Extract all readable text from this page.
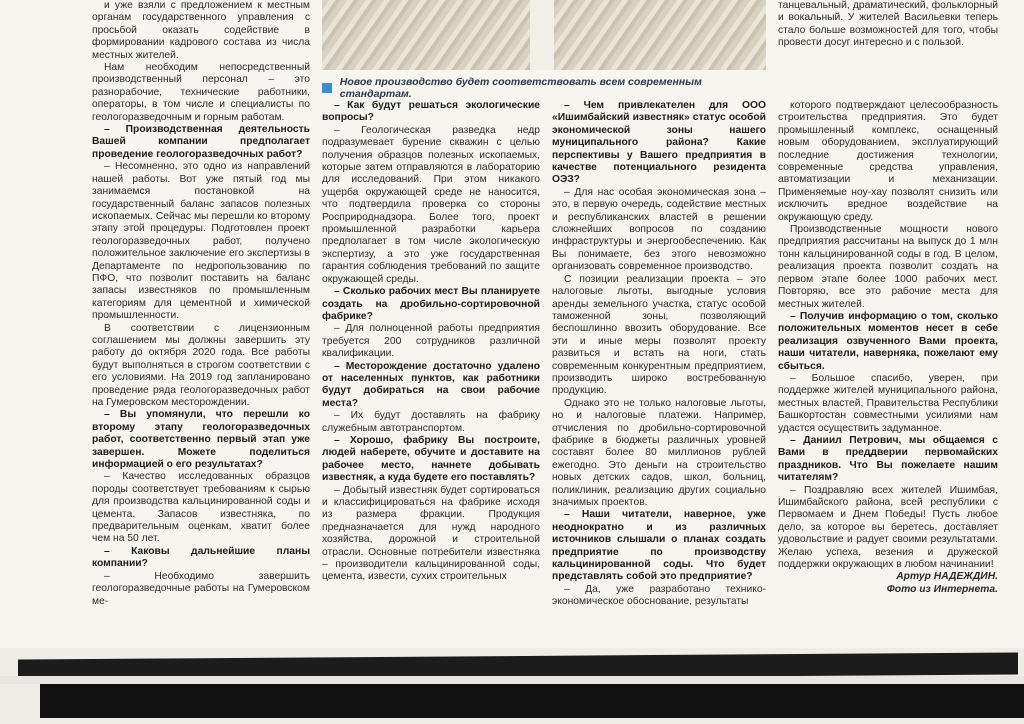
Новое производство будет соответствовать всем современным стандартам.

и уже взяли с предложением к местным органам государственного управления с просьбой оказать содействие в формировании кадрового состава из числа местных жителей.

Нам необходим непосредственный производственный персонал – это разнорабочие, технические работники, операторы, в том числе и специалисты по геологоразведочным и горным работам.

– Производственная деятельность Вашей компании предполагает проведение геологоразведочных работ?

– Несомненно, это одно из направлений нашей работы. Вот уже пятый год мы занимаемся постановкой на государственный баланс запасов полезных ископаемых. Сейчас мы перешли ко второму этапу этой процедуры. Подготовлен проект геологоразведочных работ, получено положительное заключение его экспертизы в Департаменте по недропользованию по ПФО, что позволит поставить на баланс запасы известняков по промышленным категориям для цементной и химической промышленности.

В соответствии с лицензионным соглашением мы должны завершить эту работу до октября 2020 года. Все работы будут выполняться в строгом соответствии с его условиями. На 2019 год запланировано проведение ряда геологоразведочных работ на Гумеровском месторождении.

– Вы упомянули, что перешли ко второму этапу геологоразведочных работ, соответственно первый этап уже завершен. Можете поделиться информацией о его результатах?

– Качество исследованных образцов породы соответствует требованиям к сырью для производства кальцинированной соды и цемента. Запасов известняка, по предварительным оценкам, хватит более чем на 50 лет.

– Каковы дальнейшие планы компании?

– Необходимо завершить геологоразведочные работы на Гумеровском ме-

– Как будут решаться экологические вопросы?

– Геологическая разведка недр подразумевает бурение скважин с целью получения образцов полезных ископаемых, которые затем отправляются в лабораторию для исследований. При этом никакого ущерба окружающей среде не наносится, что подтвердила проверка со стороны Росприроднадзора. Более того, проект промышленной разработки карьера предполагает в том числе экологическую экспертизу, а это уже государственная гарантия соблюдения требований по защите окружающей среды.

– Сколько рабочих мест Вы планируете создать на дробильно-сортировочной фабрике?

– Для полноценной работы предприятия требуется 200 сотрудников различной квалификации.

– Месторождение достаточно удалено от населенных пунктов, как работники будут добираться на свои рабочие места?

– Их будут доставлять на фабрику служебным автотранспортом.

– Хорошо, фабрику Вы построите, людей наберете, обучите и доставите на рабочее место, начнете добывать известняк, а куда будете его поставлять?

– Добытый известняк будет сортироваться и классифицироваться на фабрике исходя из размера фракции. Продукция предназначается для нужд народного хозяйства, дорожной и строительной отрасли. Основные потребители известняка – производители кальцинированной соды, цемента, извести, сухих строительных

– Чем привлекателен для ООО «Ишимбайский известняк» статус особой экономической зоны нашего муниципального района? Какие перспективы у Вашего предприятия в качестве потенциального резидента ОЭЗ?

– Для нас особая экономическая зона – это, в первую очередь, содействие местных и республиканских властей в решении сложнейших вопросов по созданию инфраструктуры и энергообеспечению. Как Вы понимаете, без этого невозможно организовать современное производство.

С позиции реализации проекта – это налоговые льготы, выгодные условия аренды земельного участка, статус особой таможенной зоны, позволяющий беспошлинно ввозить оборудование. Все эти и иные меры позволят проекту развиться и встать на ноги, стать современным конкурентным предприятием, производить широко востребованную продукцию.

Однако это не только налоговые льготы, но и налоговые платежи. Например, отчисления по дробильно-сортировочной фабрике в бюджеты различных уровней составят более 80 миллионов рублей ежегодно. Это деньги на строительство новых детских садов, школ, больниц, поликлиник, реализацию других социально значимых проектов.

– Наши читатели, наверное, уже неоднократно и из различных источников слышали о планах создать предприятие по производству кальцинированной соды. Что будет представлять собой это предприятие?

– Да, уже разработано технико-экономическое обоснование, результаты

танцевальный, драматический, фольклорный и вокальный. У жителей Васильевки теперь стало больше возможностей для того, чтобы провести досуг интересно и с пользой.

которого подтверждают целесообразность строительства предприятия. Это будет промышленный комплекс, оснащенный новым оборудованием, эксплуатирующий последние достижения технологии, современные средства управления, автоматизации и механизации. Применяемые ноу-хау позволят снизить или исключить вредное воздействие на окружающую среду.

Производственные мощности нового предприятия рассчитаны на выпуск до 1 млн тонн кальцинированной соды в год. В целом, реализация проекта позволит создать на первом этапе более 1000 рабочих мест. Повторяю, все это рабочие места для местных жителей.

– Получив информацию о том, сколько положительных моментов несет в себе реализация озвученного Вами проекта, наши читатели, наверняка, пожелают ему сбыться.

– Большое спасибо, уверен, при поддержке жителей муниципального района, местных властей, Правительства Республики Башкортостан совместными усилиями нам удастся осуществить задуманное.

– Даниил Петрович, мы общаемся с Вами в преддверии первомайских праздников. Что Вы пожелаете нашим читателям?

– Поздравляю всех жителей Ишимбая, Ишимбайского района, всей республики с Первомаем и Днем Победы! Пусть любое дело, за которое вы беретесь, доставляет удовольствие и радует своими результатами. Желаю успеха, везения и дружеской поддержки окружающих в любом начинании!

Артур НАДЕЖДИН.

Фото из Интернета.
